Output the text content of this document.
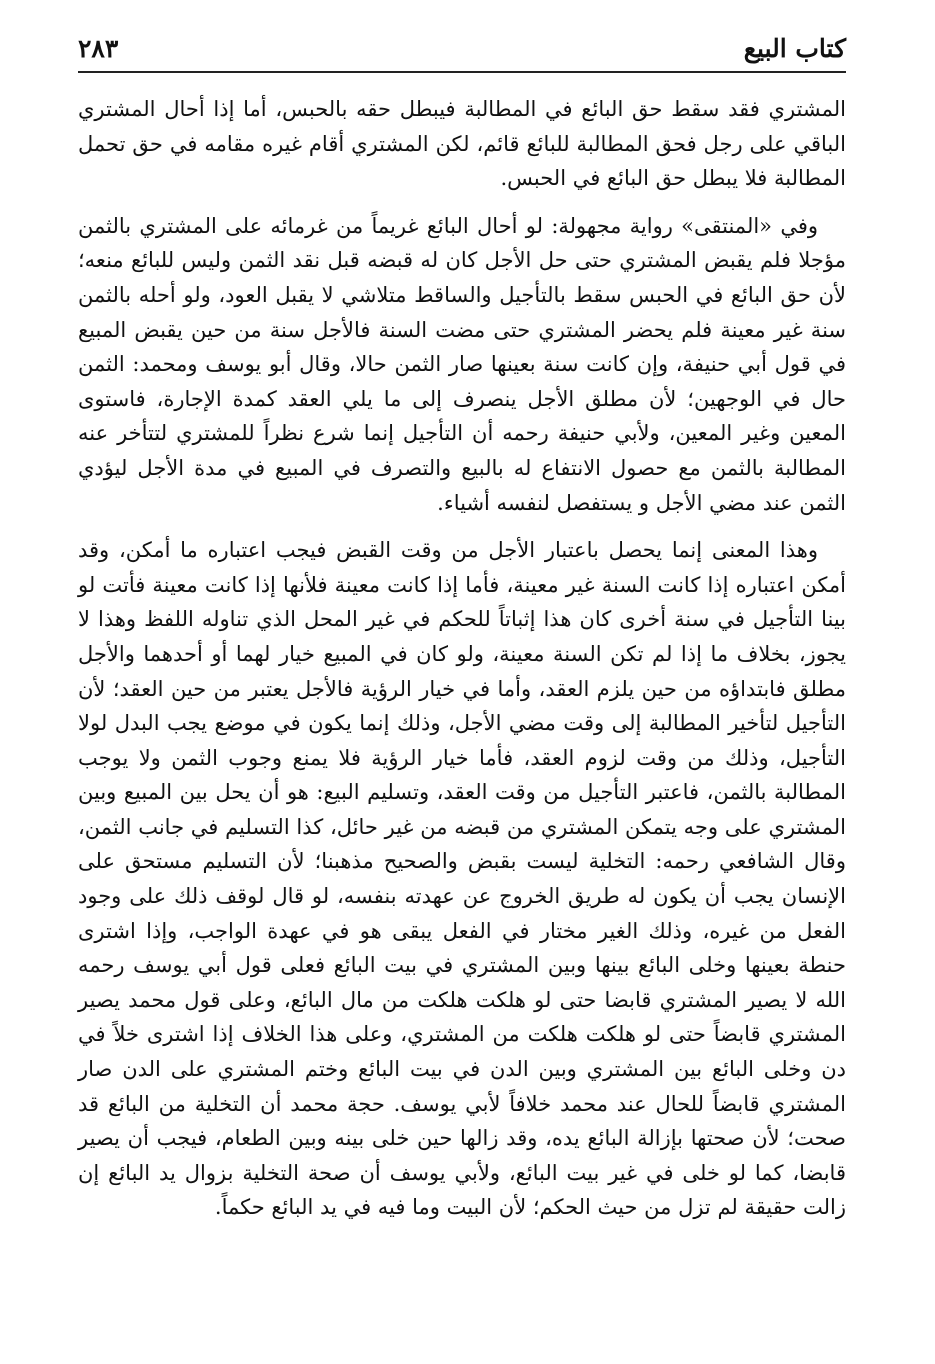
كتاب البيع
٢٨٣

المشتري فقد سقط حق البائع في المطالبة فيبطل حقه بالحبس، أما إذا أحال المشتري الباقي على رجل فحق المطالبة للبائع قائم، لكن المشتري أقام غيره مقامه في حق تحمل المطالبة فلا يبطل حق البائع في الحبس.

وفي «المنتقى» رواية مجهولة: لو أحال البائع غريماً من غرمائه على المشتري بالثمن مؤجلا فلم يقبض المشتري حتى حل الأجل كان له قبضه قبل نقد الثمن وليس للبائع منعه؛ لأن حق البائع في الحبس سقط بالتأجيل والساقط متلاشي لا يقبل العود، ولو أحله بالثمن سنة غير معينة فلم يحضر المشتري حتى مضت السنة فالأجل سنة من حين يقبض المبيع في قول أبي حنيفة، وإن كانت سنة بعينها صار الثمن حالا، وقال أبو يوسف ومحمد: الثمن حال في الوجهين؛ لأن مطلق الأجل ينصرف إلى ما يلي العقد كمدة الإجارة، فاستوى المعين وغير المعين، ولأبي حنيفة رحمه أن التأجيل إنما شرع نظراً للمشتري لتتأخر عنه المطالبة بالثمن مع حصول الانتفاع له بالبيع والتصرف في المبيع في مدة الأجل ليؤدي الثمن عند مضي الأجل و يستفصل لنفسه أشياء.

وهذا المعنى إنما يحصل باعتبار الأجل من وقت القبض فيجب اعتباره ما أمكن، وقد أمكن اعتباره إذا كانت السنة غير معينة، فأما إذا كانت معينة فلأنها إذا كانت معينة فأتت لو بينا التأجيل في سنة أخرى كان هذا إثباتاً للحكم في غير المحل الذي تناوله اللفظ وهذا لا يجوز، بخلاف ما إذا لم تكن السنة معينة، ولو كان في المبيع خيار لهما أو أحدهما والأجل مطلق فابتداؤه من حين يلزم العقد، وأما في خيار الرؤية فالأجل يعتبر من حين العقد؛ لأن التأجيل لتأخير المطالبة إلى وقت مضي الأجل، وذلك إنما يكون في موضع يجب البدل لولا التأجيل، وذلك من وقت لزوم العقد، فأما خيار الرؤية فلا يمنع وجوب الثمن ولا يوجب المطالبة بالثمن، فاعتبر التأجيل من وقت العقد، وتسليم البيع: هو أن يحل بين المبيع وبين المشتري على وجه يتمكن المشتري من قبضه من غير حائل، كذا التسليم في جانب الثمن، وقال الشافعي رحمه: التخلية ليست بقبض والصحيح مذهبنا؛ لأن التسليم مستحق على الإنسان يجب أن يكون له طريق الخروج عن عهدته بنفسه، لو قال لوقف ذلك على وجود الفعل من غيره، وذلك الغير مختار في الفعل يبقى هو في عهدة الواجب، وإذا اشترى حنطة بعينها وخلى البائع بينها وبين المشتري في بيت البائع فعلى قول أبي يوسف رحمه الله لا يصير المشتري قابضا حتى لو هلكت هلكت من مال البائع، وعلى قول محمد يصير المشتري قابضاً حتى لو هلكت هلكت من المشتري، وعلى هذا الخلاف إذا اشترى خلاً في دن وخلى البائع بين المشتري وبين الدن في بيت البائع وختم المشتري على الدن صار المشتري قابضاً للحال عند محمد خلافاً لأبي يوسف. حجة محمد أن التخلية من البائع قد صحت؛ لأن صحتها بإزالة البائع يده، وقد زالها حين خلى بينه وبين الطعام، فيجب أن يصير قابضا، كما لو خلى في غير بيت البائع، ولأبي يوسف أن صحة التخلية بزوال يد البائع إن زالت حقيقة لم تزل من حيث الحكم؛ لأن البيت وما فيه في يد البائع حكماً.
